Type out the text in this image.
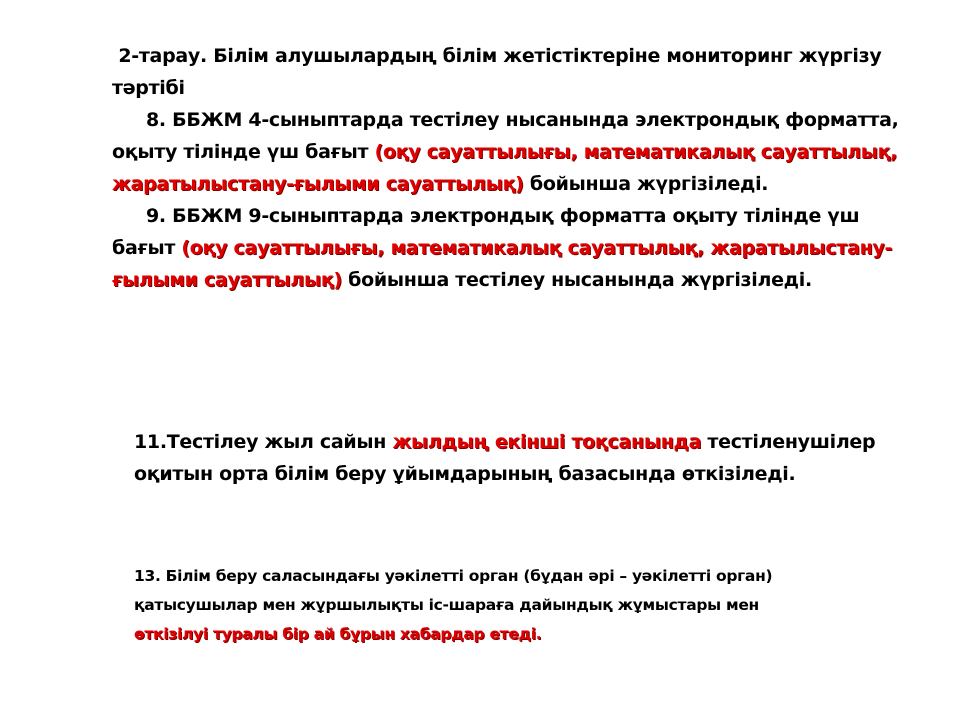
2-тарау. Білім алушылардың білім жетістіктеріне мониторинг жүргізу тәртібі

8. ББЖМ 4-сыныптарда тестілеу нысанында электрондық форматта, оқыту тілінде үш бағыт (оқу сауаттылығы, математикалық сауаттылық, жаратылыстану-ғылыми сауаттылық) бойынша жүргізіледі.

9. ББЖМ 9-сыныптарда электрондық форматта оқыту тілінде үш бағыт (оқу сауаттылығы, математикалық сауаттылық, жаратылыстану-ғылыми сауаттылық) бойынша тестілеу нысанында жүргізіледі.

11.Тестілеу жыл сайын жылдың екінші тоқсанында тестіленушілер оқитын орта білім беру ұйымдарының базасында өткізіледі.

13. Білім беру саласындағы уәкілетті орган (бұдан әрі – уәкілетті орган) қатысушылар мен жұршылықты іс-шараға дайындық жұмыстары мен өткізілуі туралы бір ай бұрын хабардар етеді.
